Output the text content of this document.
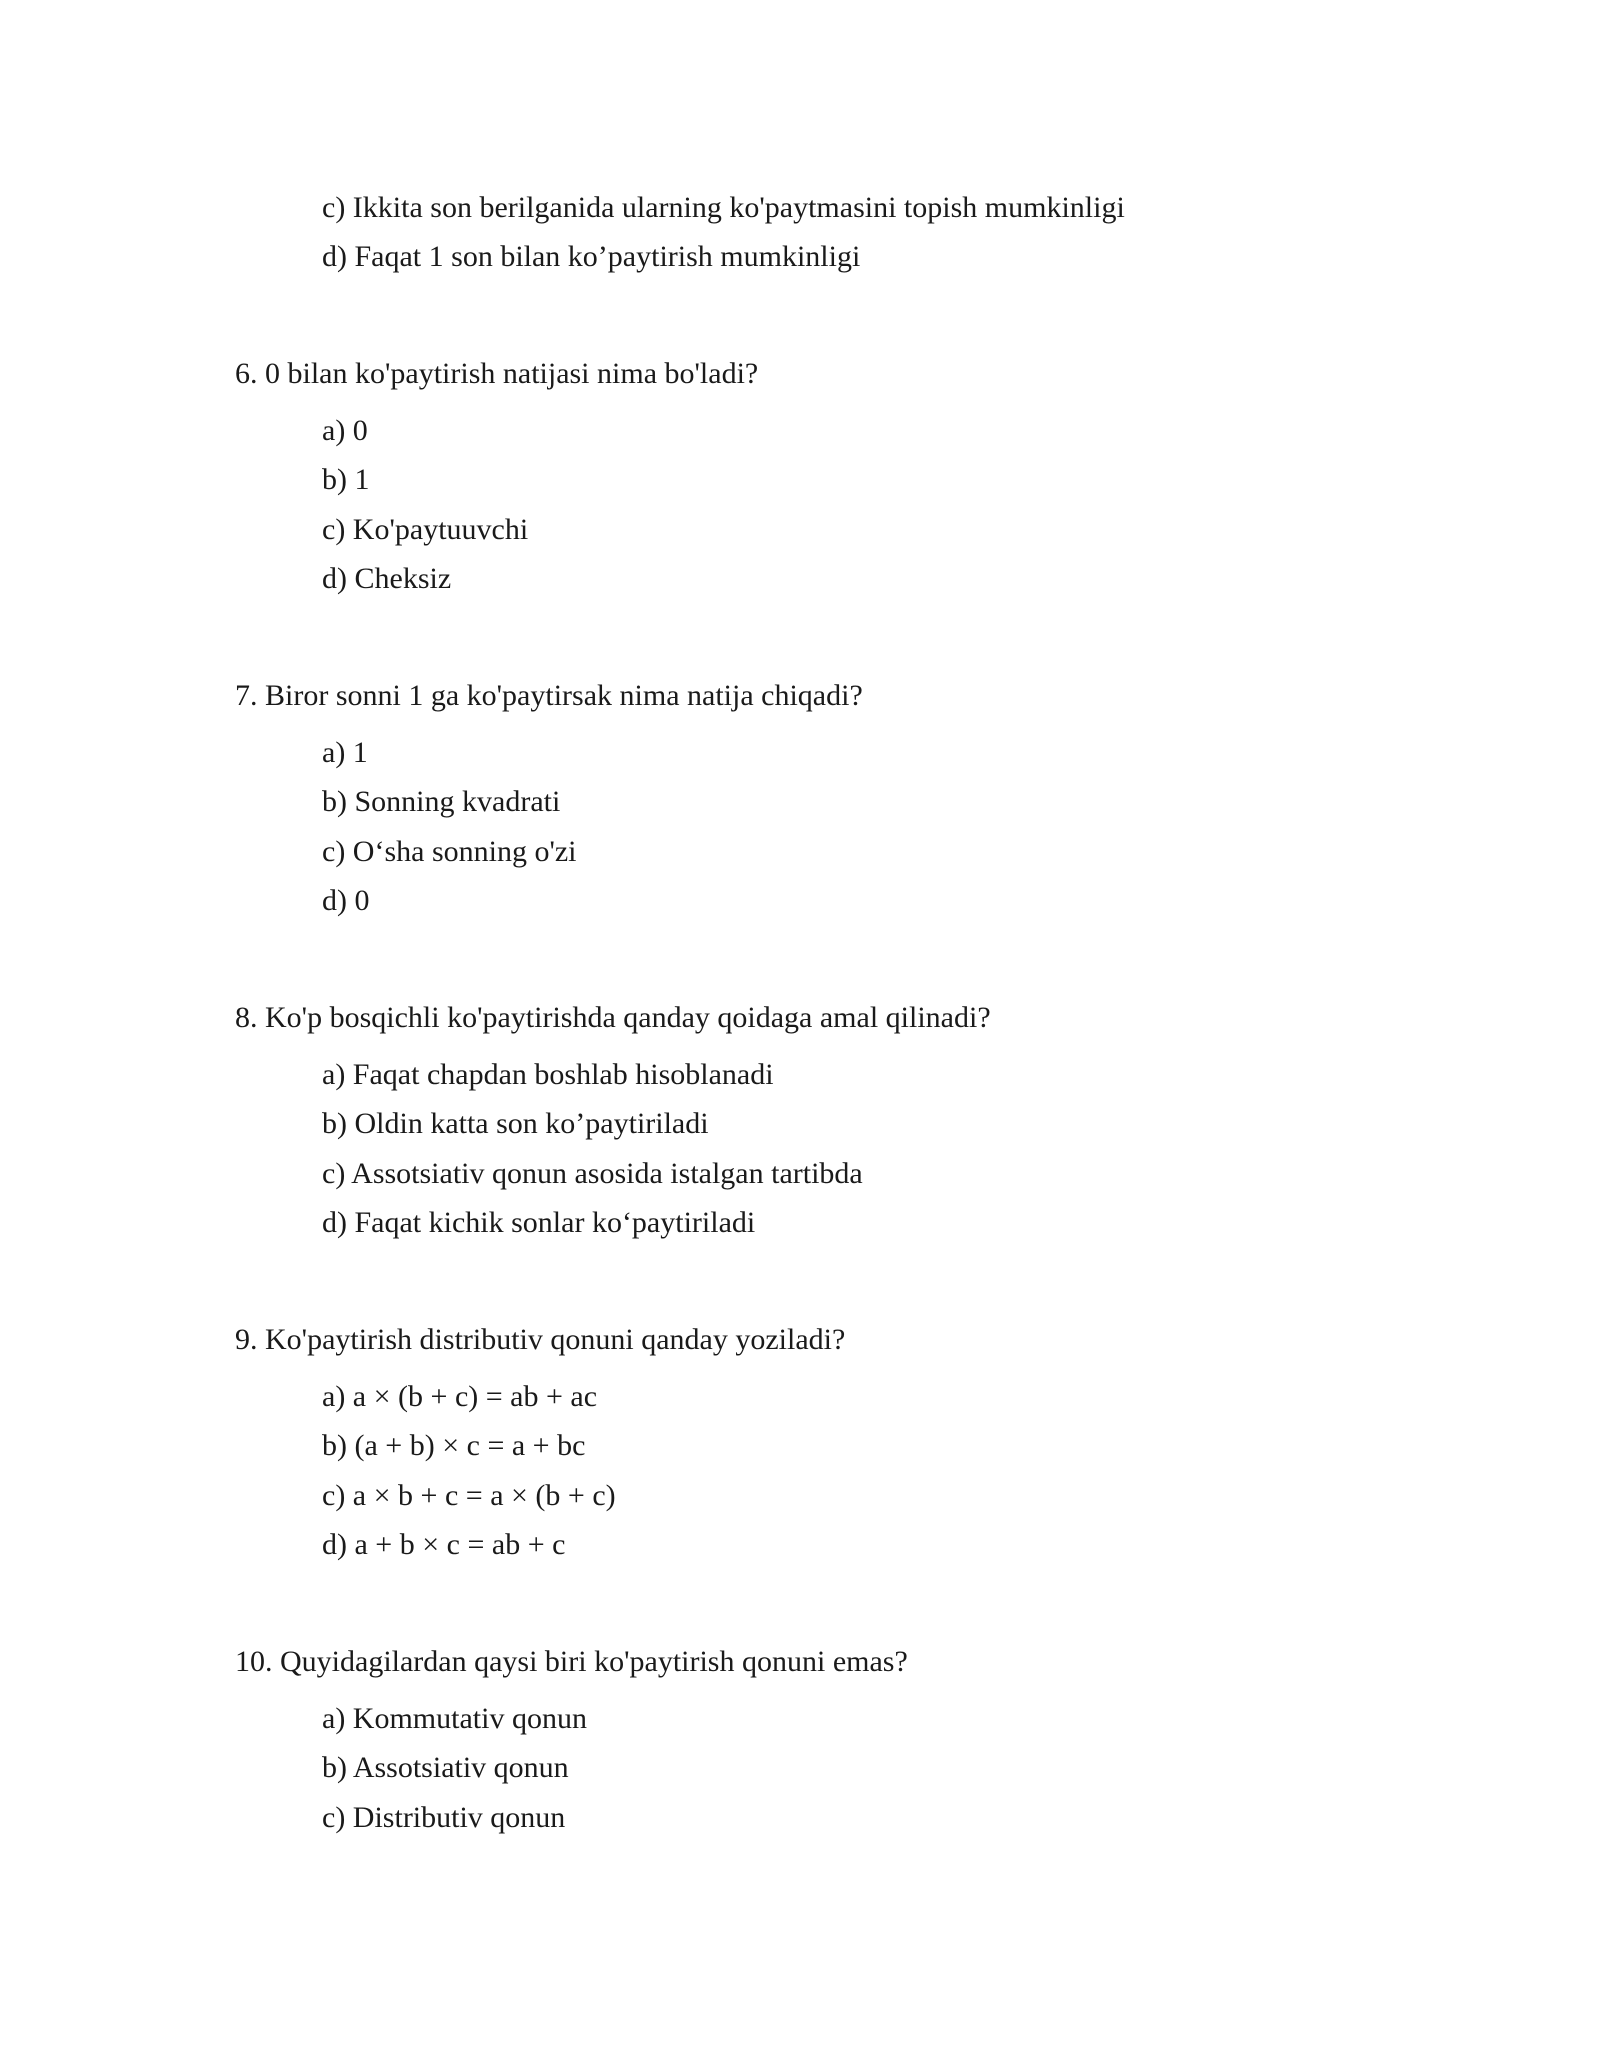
c) Ikkita son berilganida ularning ko'paytmasini topish mumkinligi
d) Faqat 1 son bilan ko’paytirish mumkinligi
6. 0 bilan ko'paytirish natijasi nima bo'ladi?
a) 0
b) 1
c) Ko'paytuuvchi
d) Cheksiz
7. Biror sonni 1 ga ko'paytirsak nima natija chiqadi?
a) 1
b) Sonning kvadrati
c) O‘sha sonning o'zi
d) 0
8. Ko'p bosqichli ko'paytirishda qanday qoidaga amal qilinadi?
a) Faqat chapdan boshlab hisoblanadi
b) Oldin katta son ko’paytiriladi
c) Assotsiativ qonun asosida istalgan tartibda
d) Faqat kichik sonlar ko‘paytiriladi
9. Ko'paytirish distributiv qonuni qanday yoziladi?
a) a × (b + c) = ab + ac
b) (a + b) × c = a + bc
c) a × b + c = a × (b + c)
d) a + b × c = ab + c
10. Quyidagilardan qaysi biri ko'paytirish qonuni emas?
a) Kommutativ qonun
b) Assotsiativ qonun
c) Distributiv qonun
